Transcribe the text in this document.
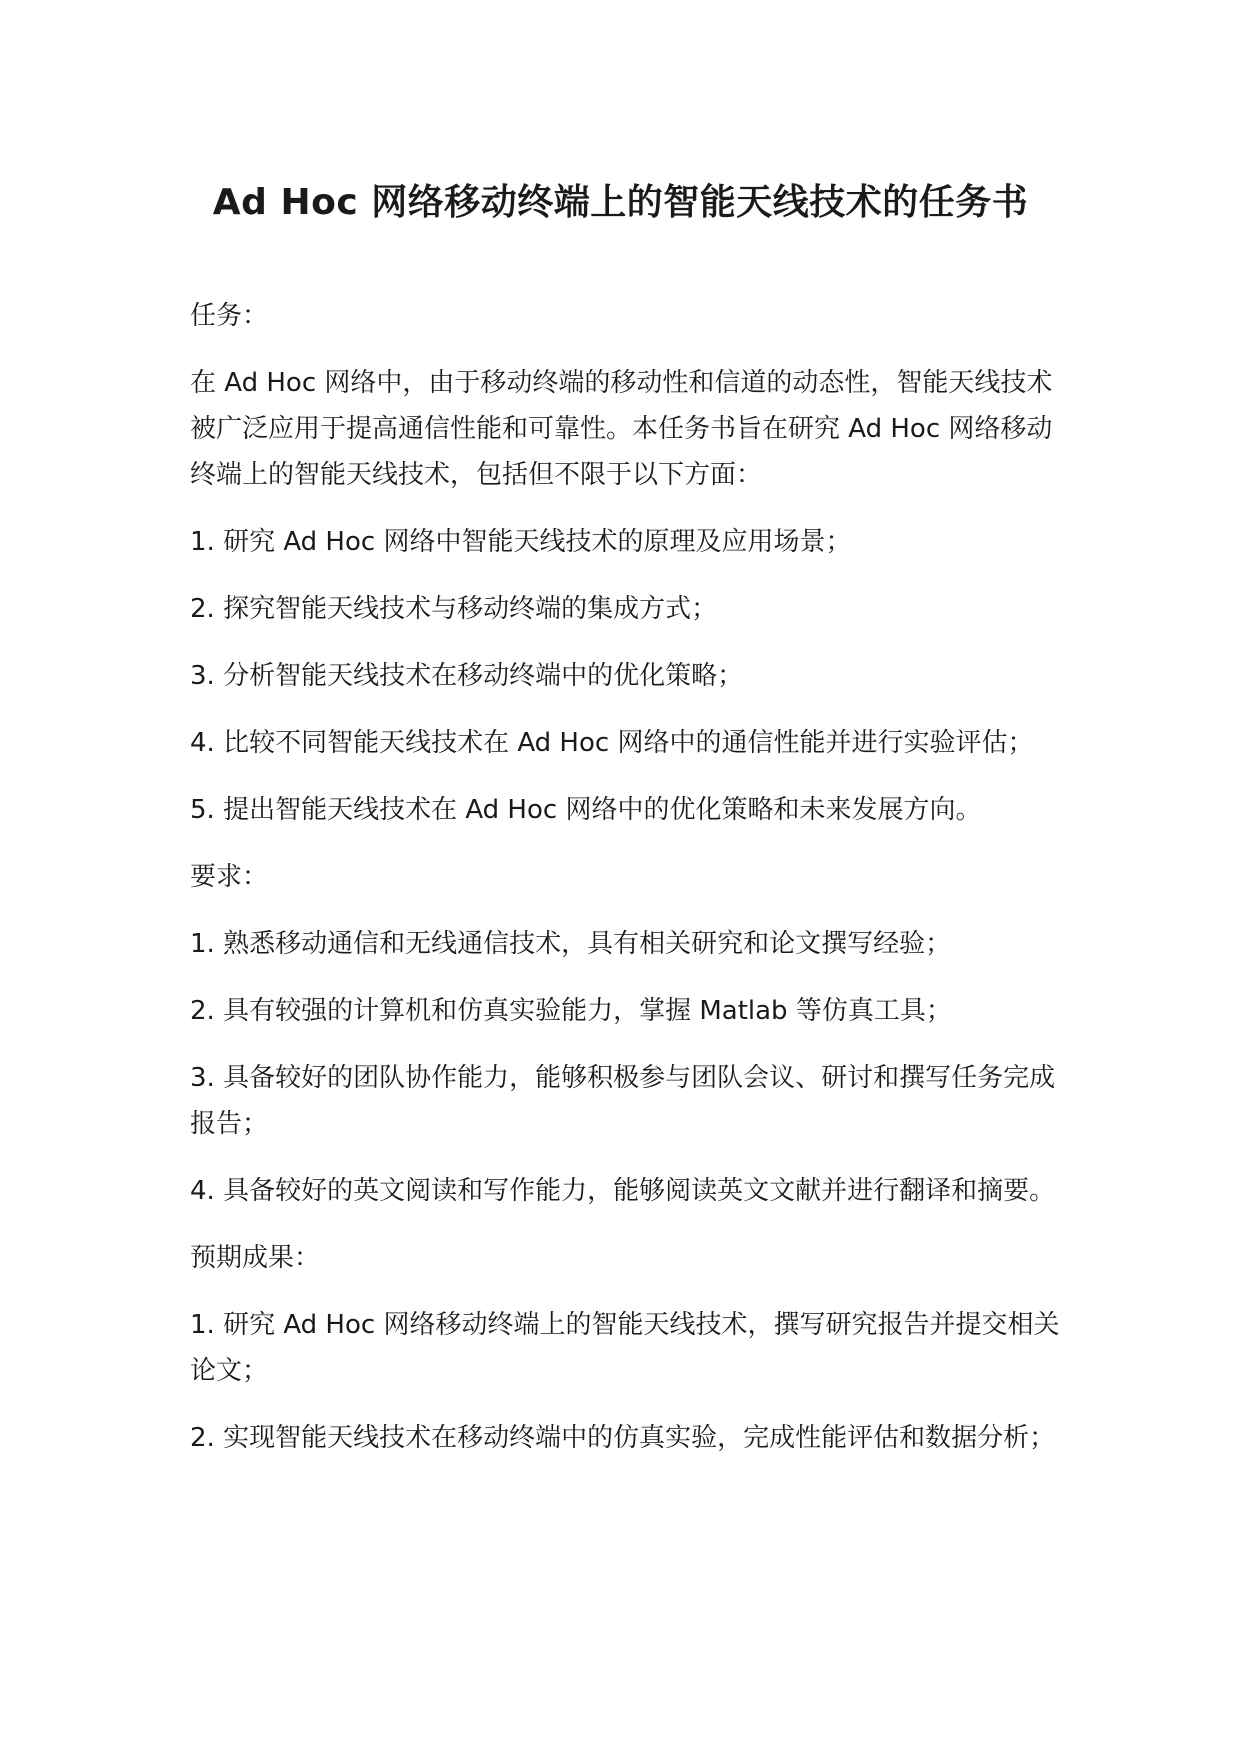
Ad Hoc 网络移动终端上的智能天线技术的任务书

任务：

在 Ad Hoc 网络中，由于移动终端的移动性和信道的动态性，智能天线技术被广泛应用于提高通信性能和可靠性。本任务书旨在研究 Ad Hoc 网络移动终端上的智能天线技术，包括但不限于以下方面：

1. 研究 Ad Hoc 网络中智能天线技术的原理及应用场景；

2. 探究智能天线技术与移动终端的集成方式；

3. 分析智能天线技术在移动终端中的优化策略；

4. 比较不同智能天线技术在 Ad Hoc 网络中的通信性能并进行实验评估；

5. 提出智能天线技术在 Ad Hoc 网络中的优化策略和未来发展方向。

要求：

1. 熟悉移动通信和无线通信技术，具有相关研究和论文撰写经验；

2. 具有较强的计算机和仿真实验能力，掌握 Matlab 等仿真工具；

3. 具备较好的团队协作能力，能够积极参与团队会议、研讨和撰写任务完成报告；

4. 具备较好的英文阅读和写作能力，能够阅读英文文献并进行翻译和摘要。

预期成果：

1. 研究 Ad Hoc 网络移动终端上的智能天线技术，撰写研究报告并提交相关论文；

2. 实现智能天线技术在移动终端中的仿真实验，完成性能评估和数据分析；
